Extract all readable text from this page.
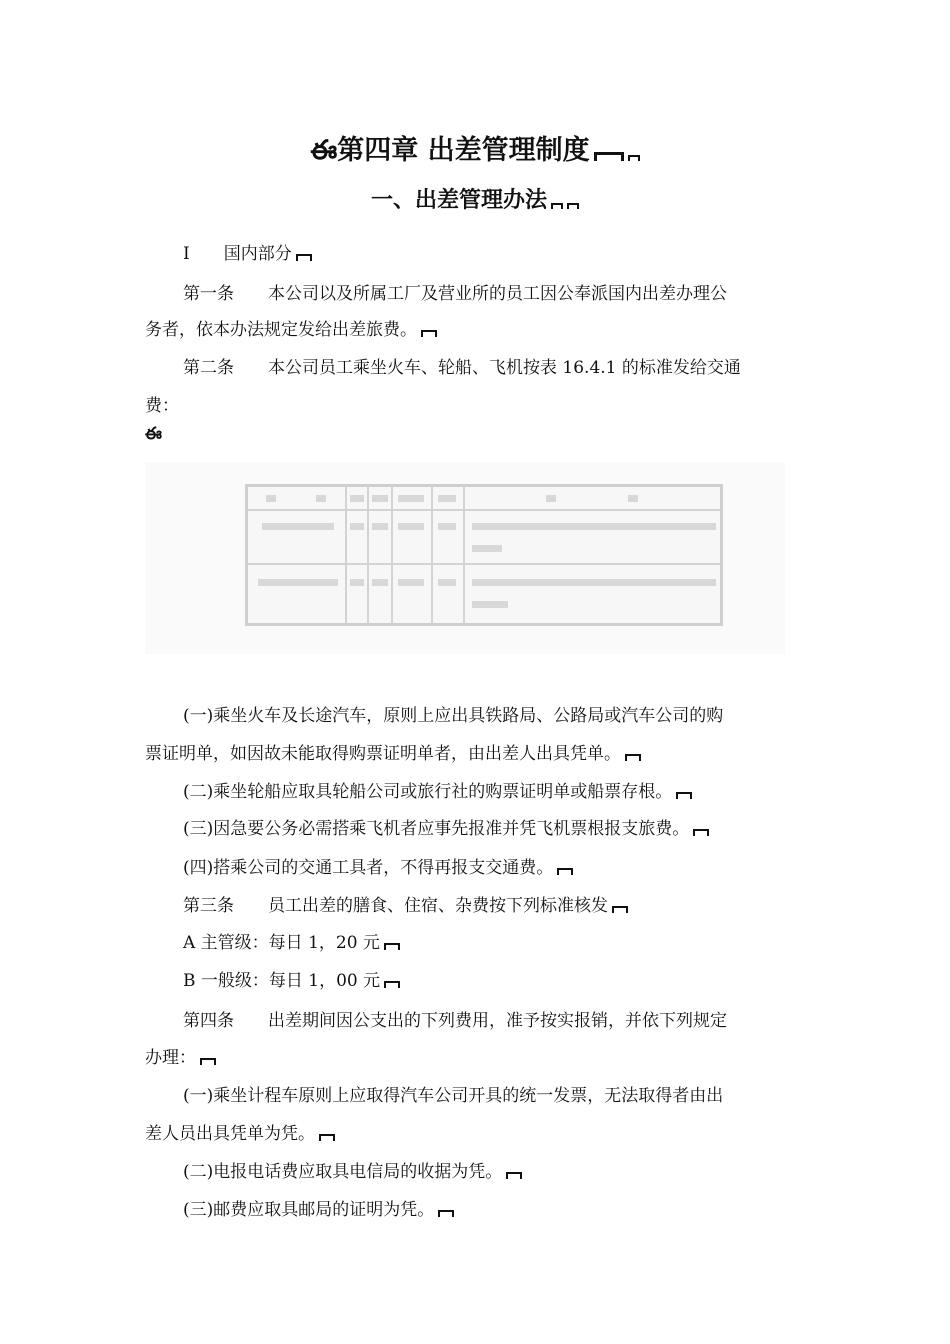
ఈ第四章 出差管理制度
一、出差管理办法
Ⅰ　　国内部分
第一条　　本公司以及所属工厂及营业所的员工因公奉派国内出差办理公
务者，依本办法规定发给出差旅费。
第二条　　本公司员工乘坐火车、轮船、飞机按表 16.4.1 的标准发给交通
费：
ఈ
(一)乘坐火车及长途汽车，原则上应出具铁路局、公路局或汽车公司的购
票证明单，如因故未能取得购票证明单者，由出差人出具凭单。
(二)乘坐轮船应取具轮船公司或旅行社的购票证明单或船票存根。
(三)因急要公务必需搭乘飞机者应事先报准并凭飞机票根报支旅费。
(四)搭乘公司的交通工具者，不得再报支交通费。
第三条　　员工出差的膳食、住宿、杂费按下列标准核发
A 主管级：每日 1，20 元
B 一般级：每日 1，00 元
第四条　　出差期间因公支出的下列费用，准予按实报销，并依下列规定
办理：
(一)乘坐计程车原则上应取得汽车公司开具的统一发票，无法取得者由出
差人员出具凭单为凭。
(二)电报电话费应取具电信局的收据为凭。
(三)邮费应取具邮局的证明为凭。
